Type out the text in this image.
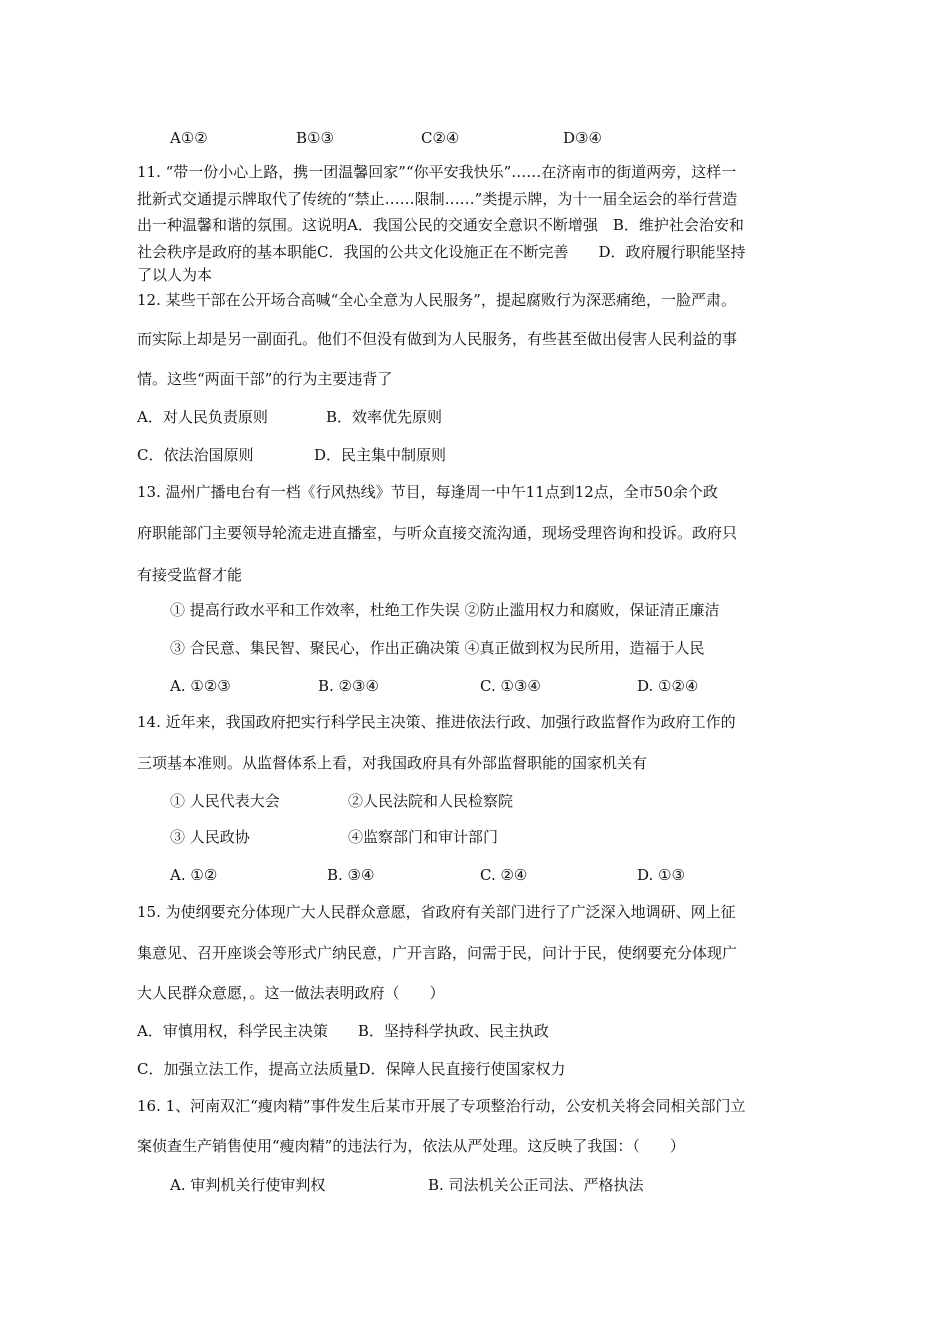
A①②	B①③	C②④	D③④
11. “带一份小心上路，携一团温馨回家”“你平安我快乐”……在济南市的街道两旁，这样一
批新式交通提示牌取代了传统的“禁止……限制……”类提示牌，为十一届全运会的举行营造
出一种温馨和谐的氛围。这说明A．我国公民的交通安全意识不断增强　B．维护社会治安和
社会秩序是政府的基本职能C．我国的公共文化设施正在不断完善　　D．政府履行职能坚持
了以人为本
12. 某些干部在公开场合高喊“全心全意为人民服务”，提起腐败行为深恶痛绝，一脸严肃。
而实际上却是另一副面孔。他们不但没有做到为人民服务，有些甚至做出侵害人民利益的事
情。这些“两面干部”的行为主要违背了
A．对人民负责原则	B．效率优先原则
C．依法治国原则	D．民主集中制原则
13. 温州广播电台有一档《行风热线》节目，每逢周一中午11点到12点，全市50余个政
府职能部门主要领导轮流走进直播室，与听众直接交流沟通，现场受理咨询和投诉。政府只
有接受监督才能
① 提高行政水平和工作效率，杜绝工作失误 ②防止滥用权力和腐败，保证清正廉洁
③ 合民意、集民智、聚民心，作出正确决策 ④真正做到权为民所用，造福于人民
A. ①②③	B. ②③④	C. ①③④	D. ①②④
14. 近年来，我国政府把实行科学民主决策、推进依法行政、加强行政监督作为政府工作的
三项基本准则。从监督体系上看，对我国政府具有外部监督职能的国家机关有
① 人民代表大会	②人民法院和人民检察院
③ 人民政协	④监察部门和审计部门
A. ①②	B. ③④	C. ②④	D. ①③
15. 为使纲要充分体现广大人民群众意愿，省政府有关部门进行了广泛深入地调研、网上征
集意见、召开座谈会等形式广纳民意，广开言路，问需于民，问计于民，使纲要充分体现广
大人民群众意愿，。这一做法表明政府（　　）
A．审慎用权，科学民主决策　　B．坚持科学执政、民主执政
C．加强立法工作，提高立法质量D．保障人民直接行使国家权力
16. 1、河南双汇“瘦肉精”事件发生后某市开展了专项整治行动，公安机关将会同相关部门立
案侦查生产销售使用“瘦肉精”的违法行为，依法从严处理。这反映了我国：（　　）
A. 审判机关行使审判权	B. 司法机关公正司法、严格执法
